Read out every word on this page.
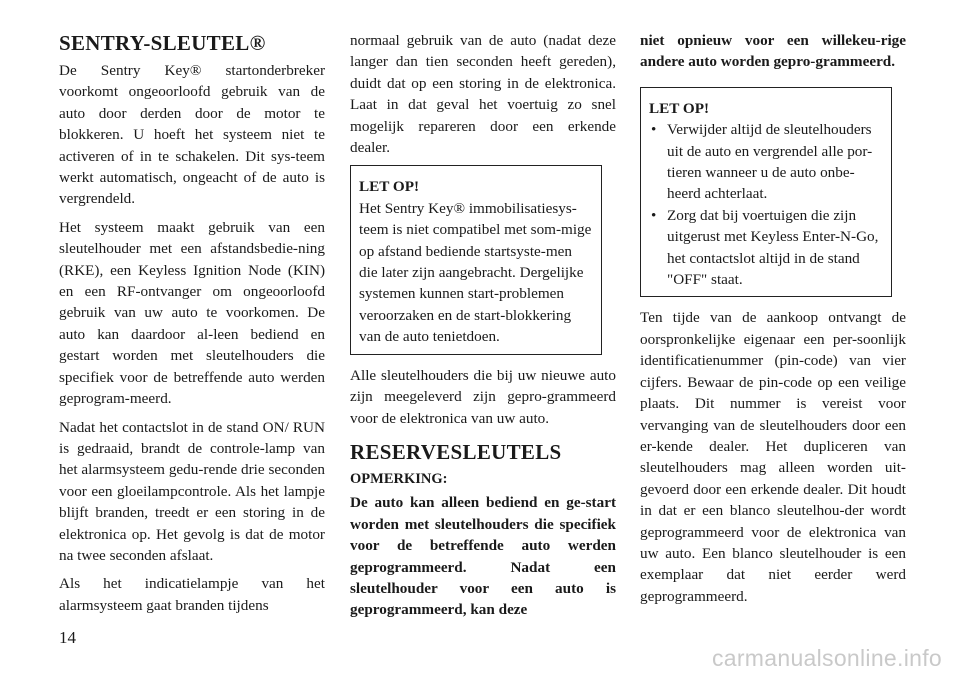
SENTRY-SLEUTEL®

De Sentry Key® startonderbreker voorkomt ongeoorloofd gebruik van de auto door derden door de motor te blokkeren. U hoeft het systeem niet te activeren of in te schakelen. Dit sys-teem werkt automatisch, ongeacht of de auto is vergrendeld.

Het systeem maakt gebruik van een sleutelhouder met een afstandsbedie-ning (RKE), een Keyless Ignition Node (KIN) en een RF-ontvanger om ongeoorloofd gebruik van uw auto te voorkomen. De auto kan daardoor al-leen bediend en gestart worden met sleutelhouders die specifiek voor de betreffende auto werden geprogram-meerd.

Nadat het contactslot in de stand ON/ RUN is gedraaid, brandt de controle-lamp van het alarmsysteem gedu-rende drie seconden voor een gloeilampcontrole. Als het lampje blijft branden, treedt er een storing in de elektronica op. Het gevolg is dat de motor na twee seconden afslaat.

Als het indicatielampje van het alarmsysteem gaat branden tijdens

normaal gebruik van de auto (nadat deze langer dan tien seconden heeft gereden), duidt dat op een storing in de elektronica. Laat in dat geval het voertuig zo snel mogelijk repareren door een erkende dealer.

LET OP!

Het Sentry Key® immobilisatiesys-teem is niet compatibel met som-mige op afstand bediende startsyste-men die later zijn aangebracht. Dergelijke systemen kunnen start-problemen veroorzaken en de start-blokkering van de auto tenietdoen.

Alle sleutelhouders die bij uw nieuwe auto zijn meegeleverd zijn gepro-grammeerd voor de elektronica van uw auto.

RESERVESLEUTELS
OPMERKING:

De auto kan alleen bediend en ge-start worden met sleutelhouders die specifiek voor de betreffende auto werden geprogrammeerd. Nadat een sleutelhouder voor een auto is geprogrammeerd, kan deze

niet opnieuw voor een willekeu-rige andere auto worden gepro-grammeerd.

LET OP!

• Verwijder altijd de sleutelhouders uit de auto en vergrendel alle por-tieren wanneer u de auto onbe-heerd achterlaat.
• Zorg dat bij voertuigen die zijn uitgerust met Keyless Enter-N-Go, het contactslot altijd in de stand "OFF" staat.

Ten tijde van de aankoop ontvangt de oorspronkelijke eigenaar een per-soonlijk identificatienummer (pin-code) van vier cijfers. Bewaar de pin-code op een veilige plaats. Dit nummer is vereist voor vervanging van de sleutelhouders door een er-kende dealer. Het dupliceren van sleutelhouders mag alleen worden uit-gevoerd door een erkende dealer. Dit houdt in dat er een blanco sleutelhou-der wordt geprogrammeerd voor de elektronica van uw auto. Een blanco sleutelhouder is een exemplaar dat niet eerder werd geprogrammeerd.

14
carmanualsonline.info
